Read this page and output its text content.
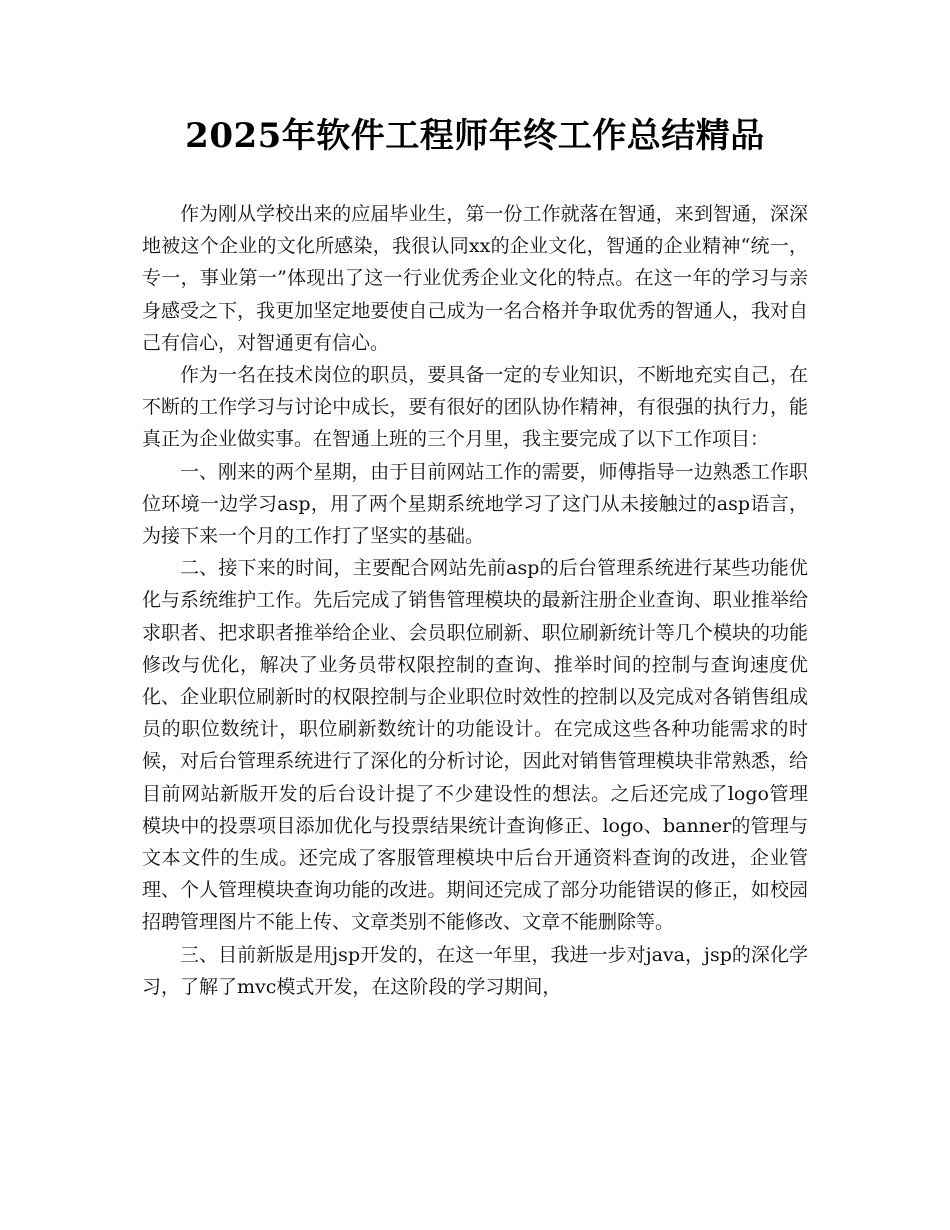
2025年软件工程师年终工作总结精品

作为刚从学校出来的应届毕业生，第一份工作就落在智通，来到智通，深深地被这个企业的文化所感染，我很认同xx的企业文化，智通的企业精神“统一，专一，事业第一”体现出了这一行业优秀企业文化的特点。在这一年的学习与亲身感受之下，我更加坚定地要使自己成为一名合格并争取优秀的智通人，我对自己有信心，对智通更有信心。

作为一名在技术岗位的职员，要具备一定的专业知识，不断地充实自己，在不断的工作学习与讨论中成长，要有很好的团队协作精神，有很强的执行力，能真正为企业做实事。在智通上班的三个月里，我主要完成了以下工作项目：

一、刚来的两个星期，由于目前网站工作的需要，师傅指导一边熟悉工作职位环境一边学习asp，用了两个星期系统地学习了这门从未接触过的asp语言，为接下来一个月的工作打了坚实的基础。

二、接下来的时间，主要配合网站先前asp的后台管理系统进行某些功能优化与系统维护工作。先后完成了销售管理模块的最新注册企业查询、职业推举给求职者、把求职者推举给企业、会员职位刷新、职位刷新统计等几个模块的功能修改与优化，解决了业务员带权限控制的查询、推举时间的控制与查询速度优化、企业职位刷新时的权限控制与企业职位时效性的控制以及完成对各销售组成员的职位数统计，职位刷新数统计的功能设计。在完成这些各种功能需求的时候，对后台管理系统进行了深化的分析讨论，因此对销售管理模块非常熟悉，给目前网站新版开发的后台设计提了不少建设性的想法。之后还完成了logo管理模块中的投票项目添加优化与投票结果统计查询修正、logo、banner的管理与文本文件的生成。还完成了客服管理模块中后台开通资料查询的改进，企业管理、个人管理模块查询功能的改进。期间还完成了部分功能错误的修正，如校园招聘管理图片不能上传、文章类别不能修改、文章不能删除等。

三、目前新版是用jsp开发的，在这一年里，我进一步对java，jsp的深化学习，了解了mvc模式开发，在这阶段的学习期间，
